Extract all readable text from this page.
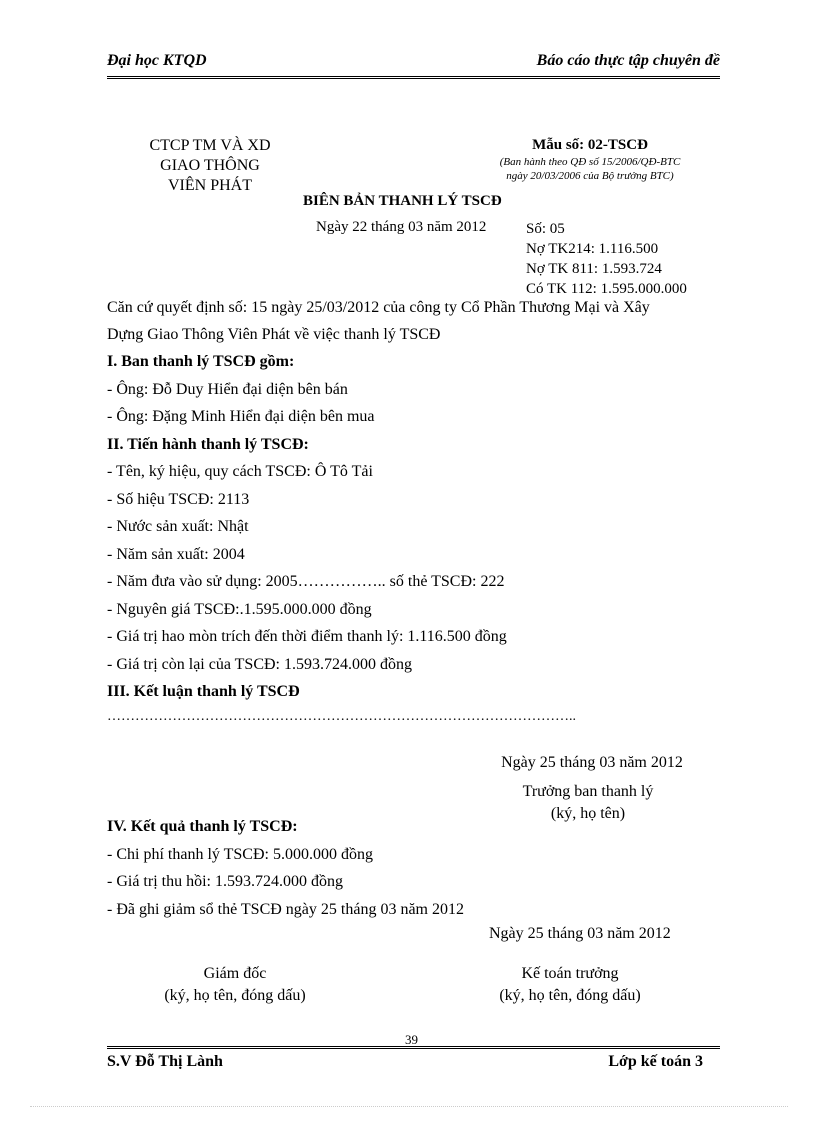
Đại học KTQD	Báo cáo thực tập chuyên đề
CTCP TM VÀ XD
GIAO THÔNG
VIÊN PHÁT
Mẫu số: 02-TSCĐ
(Ban hành theo QĐ số 15/2006/QĐ-BTC
ngày 20/03/2006 của Bộ trưởng BTC)
BIÊN BẢN THANH LÝ TSCĐ
Ngày 22 tháng 03 năm 2012	Số: 05
Nợ TK214: 1.116.500
Nợ TK 811: 1.593.724
Có TK 112: 1.595.000.000
Căn cứ quyết định số: 15 ngày 25/03/2012 của công ty Cổ Phần Thương Mại và Xây
Dựng Giao Thông Viên Phát về việc thanh lý TSCĐ
I. Ban thanh lý TSCĐ gồm:
- Ông: Đỗ Duy Hiển đại diện bên bán
- Ông: Đặng Minh Hiển đại diện bên mua
II. Tiến hành thanh lý TSCĐ:
- Tên, ký hiệu, quy cách TSCĐ: Ô Tô Tải
- Số hiệu TSCĐ: 2113
- Nước sản xuất: Nhật
- Năm sản xuất: 2004
- Năm đưa vào sử dụng: 2005…………….. số thẻ TSCĐ: 222
- Nguyên giá TSCĐ:.1.595.000.000 đồng
- Giá trị hao mòn trích đến thời điểm thanh lý: 1.116.500 đồng
- Giá trị còn lại của TSCĐ: 1.593.724.000 đồng
III. Kết luận thanh lý TSCĐ
………………………………………………………………………………………..
Ngày 25 tháng 03 năm 2012
Trưởng ban thanh lý
(ký, họ tên)
IV. Kết quả thanh lý TSCĐ:
- Chi phí thanh lý TSCĐ: 5.000.000 đồng
- Giá trị thu hồi: 1.593.724.000 đồng
- Đã ghi giảm sổ thẻ TSCĐ ngày 25 tháng 03 năm 2012
Ngày 25 tháng 03 năm 2012
Giám đốc
(ký, họ tên, đóng dấu)
Kế toán trưởng
(ký, họ tên, đóng dấu)
39
S.V Đỗ Thị Lành	Lớp kế toán 3
